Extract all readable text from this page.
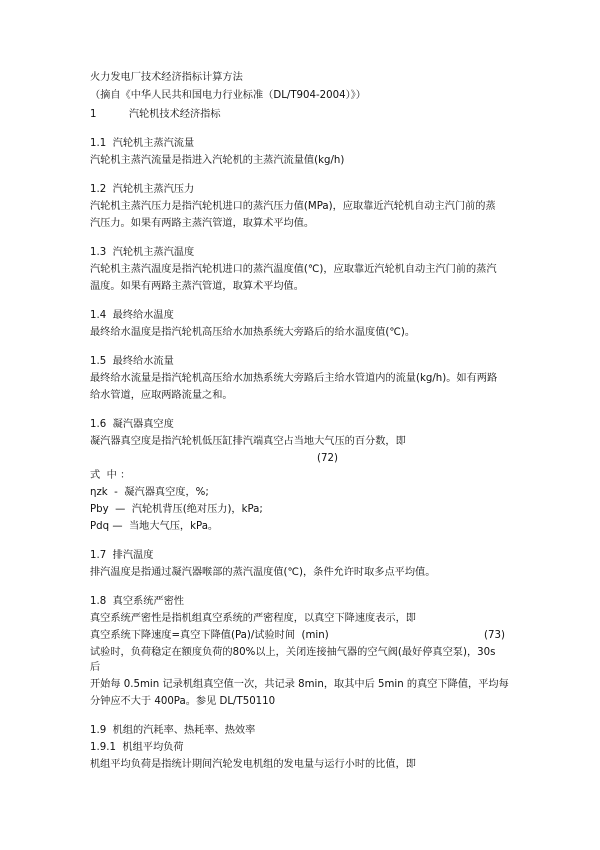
火力发电厂技术经济指标计算方法
（摘自《中华人民共和国电力行业标准（DL/T904-2004）》）
1          汽轮机技术经济指标
1.1  汽轮机主蒸汽流量
汽轮机主蒸汽流量是指进入汽轮机的主蒸汽流量值(kg/h)
1.2  汽轮机主蒸汽压力
汽轮机主蒸汽压力是指汽轮机进口的蒸汽压力值(MPa)，应取靠近汽轮机自动主汽门前的蒸
汽压力。如果有两路主蒸汽管道，取算术平均值。
1.3  汽轮机主蒸汽温度
汽轮机主蒸汽温度是指汽轮机进口的蒸汽温度值(℃)，应取靠近汽轮机自动主汽门前的蒸汽
温度。如果有两路主蒸汽管道，取算术平均值。
1.4  最终给水温度
最终给水温度是指汽轮机高压给水加热系统大旁路后的给水温度值(℃)。
1.5  最终给水流量
最终给水流量是指汽轮机高压给水加热系统大旁路后主给水管道内的流量(kg/h)。如有两路
给水管道，应取两路流量之和。
1.6  凝汽器真空度
凝汽器真空度是指汽轮机低压缸排汽端真空占当地大气压的百分数，即
(72)
式  中 ：
ηzk  -  凝汽器真空度，%;
Pby  —  汽轮机背压(绝对压力)，kPa;
Pdq —  当地大气压，kPa。
1.7  排汽温度
排汽温度是指通过凝汽器喉部的蒸汽温度值(℃)，条件允许时取多点平均值。
1.8  真空系统严密性
真空系统严密性是指机组真空系统的严密程度，以真空下降速度表示，即
真空系统下降速度=真空下降值(Pa)/试验时间  (min)	(73)
试验时，负荷稳定在额度负荷的80%以上，关闭连接抽气器的空气阀(最好停真空泵)，30s
后
开始每 0.5min 记录机组真空值一次，共记录 8min，取其中后 5min 的真空下降值，平均每
分钟应不大于 400Pa。参见 DL/T50110
1.9  机组的汽耗率、热耗率、热效率
1.9.1  机组平均负荷
机组平均负荷是指统计期间汽轮发电机组的发电量与运行小时的比值，即
